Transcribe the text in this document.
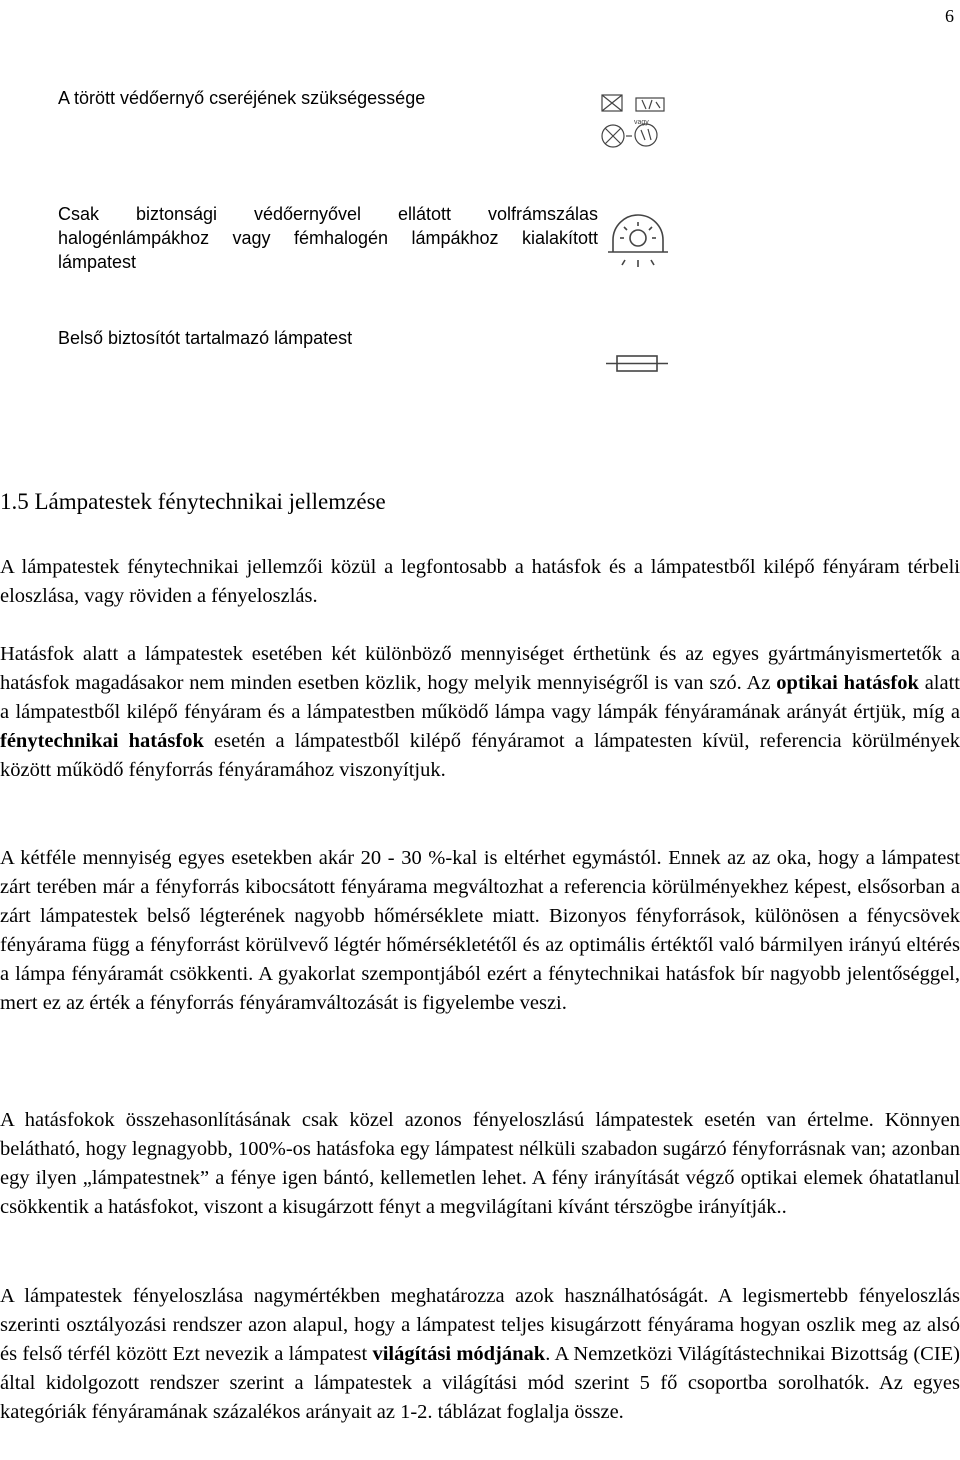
6
A törött védőernyő cseréjének szükségessége
vagy
Csak biztonsági védőernyővel ellátott volfrámszálas halogénlámpákhoz vagy fémhalogén lámpákhoz kialakított lámpatest
Belső biztosítót tartalmazó lámpatest
1.5 Lámpatestek fénytechnikai jellemzése
A lámpatestek fénytechnikai jellemzői közül a legfontosabb a hatásfok és a lámpatestből kilépő fényáram térbeli eloszlása, vagy röviden a fényeloszlás.
Hatásfok alatt a lámpatestek esetében két különböző mennyiséget érthetünk és az egyes gyártmányismertetők a hatásfok magadásakor nem minden esetben közlik, hogy melyik mennyiségről is van szó. Az optikai hatásfok alatt a lámpatestből kilépő fényáram és a lámpatestben működő lámpa vagy lámpák fényáramának arányát értjük, míg a fénytechnikai hatásfok esetén a lámpatestből kilépő fényáramot a lámpatesten kívül, referencia körülmények között működő fényforrás fényáramához viszonyítjuk.
A kétféle mennyiség egyes esetekben akár 20 - 30 %-kal is eltérhet egymástól. Ennek az az oka, hogy a lámpatest zárt terében már a fényforrás kibocsátott fényárama megváltozhat a referencia körülményekhez képest, elsősorban a zárt lámpatestek belső légterének nagyobb hőmérséklete miatt. Bizonyos fényforrások, különösen a fénycsövek fényárama függ a fényforrást körülvevő légtér hőmérsékletétől és az optimális értéktől való bármilyen irányú eltérés a lámpa fényáramát csökkenti. A gyakorlat szempontjából ezért a fénytechnikai hatásfok bír nagyobb jelentőséggel, mert ez az érték a fényforrás fényáramváltozását is figyelembe veszi.
A hatásfokok összehasonlításának csak közel azonos fényeloszlású lámpatestek esetén van értelme. Könnyen belátható, hogy legnagyobb, 100%-os hatásfoka egy lámpatest nélküli szabadon sugárzó fényforrásnak van; azonban egy ilyen „lámpatestnek” a fénye igen bántó, kellemetlen lehet. A fény irányítását végző optikai elemek óhatatlanul csökkentik a hatásfokot, viszont a kisugárzott fényt a megvilágítani kívánt térszögbe irányítják..
A lámpatestek fényeloszlása nagymértékben meghatározza azok használhatóságát. A legismertebb fényeloszlás szerinti osztályozási rendszer azon alapul, hogy a lámpatest teljes kisugárzott fényárama hogyan oszlik meg az alsó és felső térfél között Ezt nevezik a lámpatest világítási módjának. A Nemzetközi Világítástechnikai Bizottság (CIE) által kidolgozott rendszer szerint a lámpatestek a világítási mód szerint 5 fő csoportba sorolhatók. Az egyes kategóriák fényáramának százalékos arányait az 1-2. táblázat foglalja össze.
